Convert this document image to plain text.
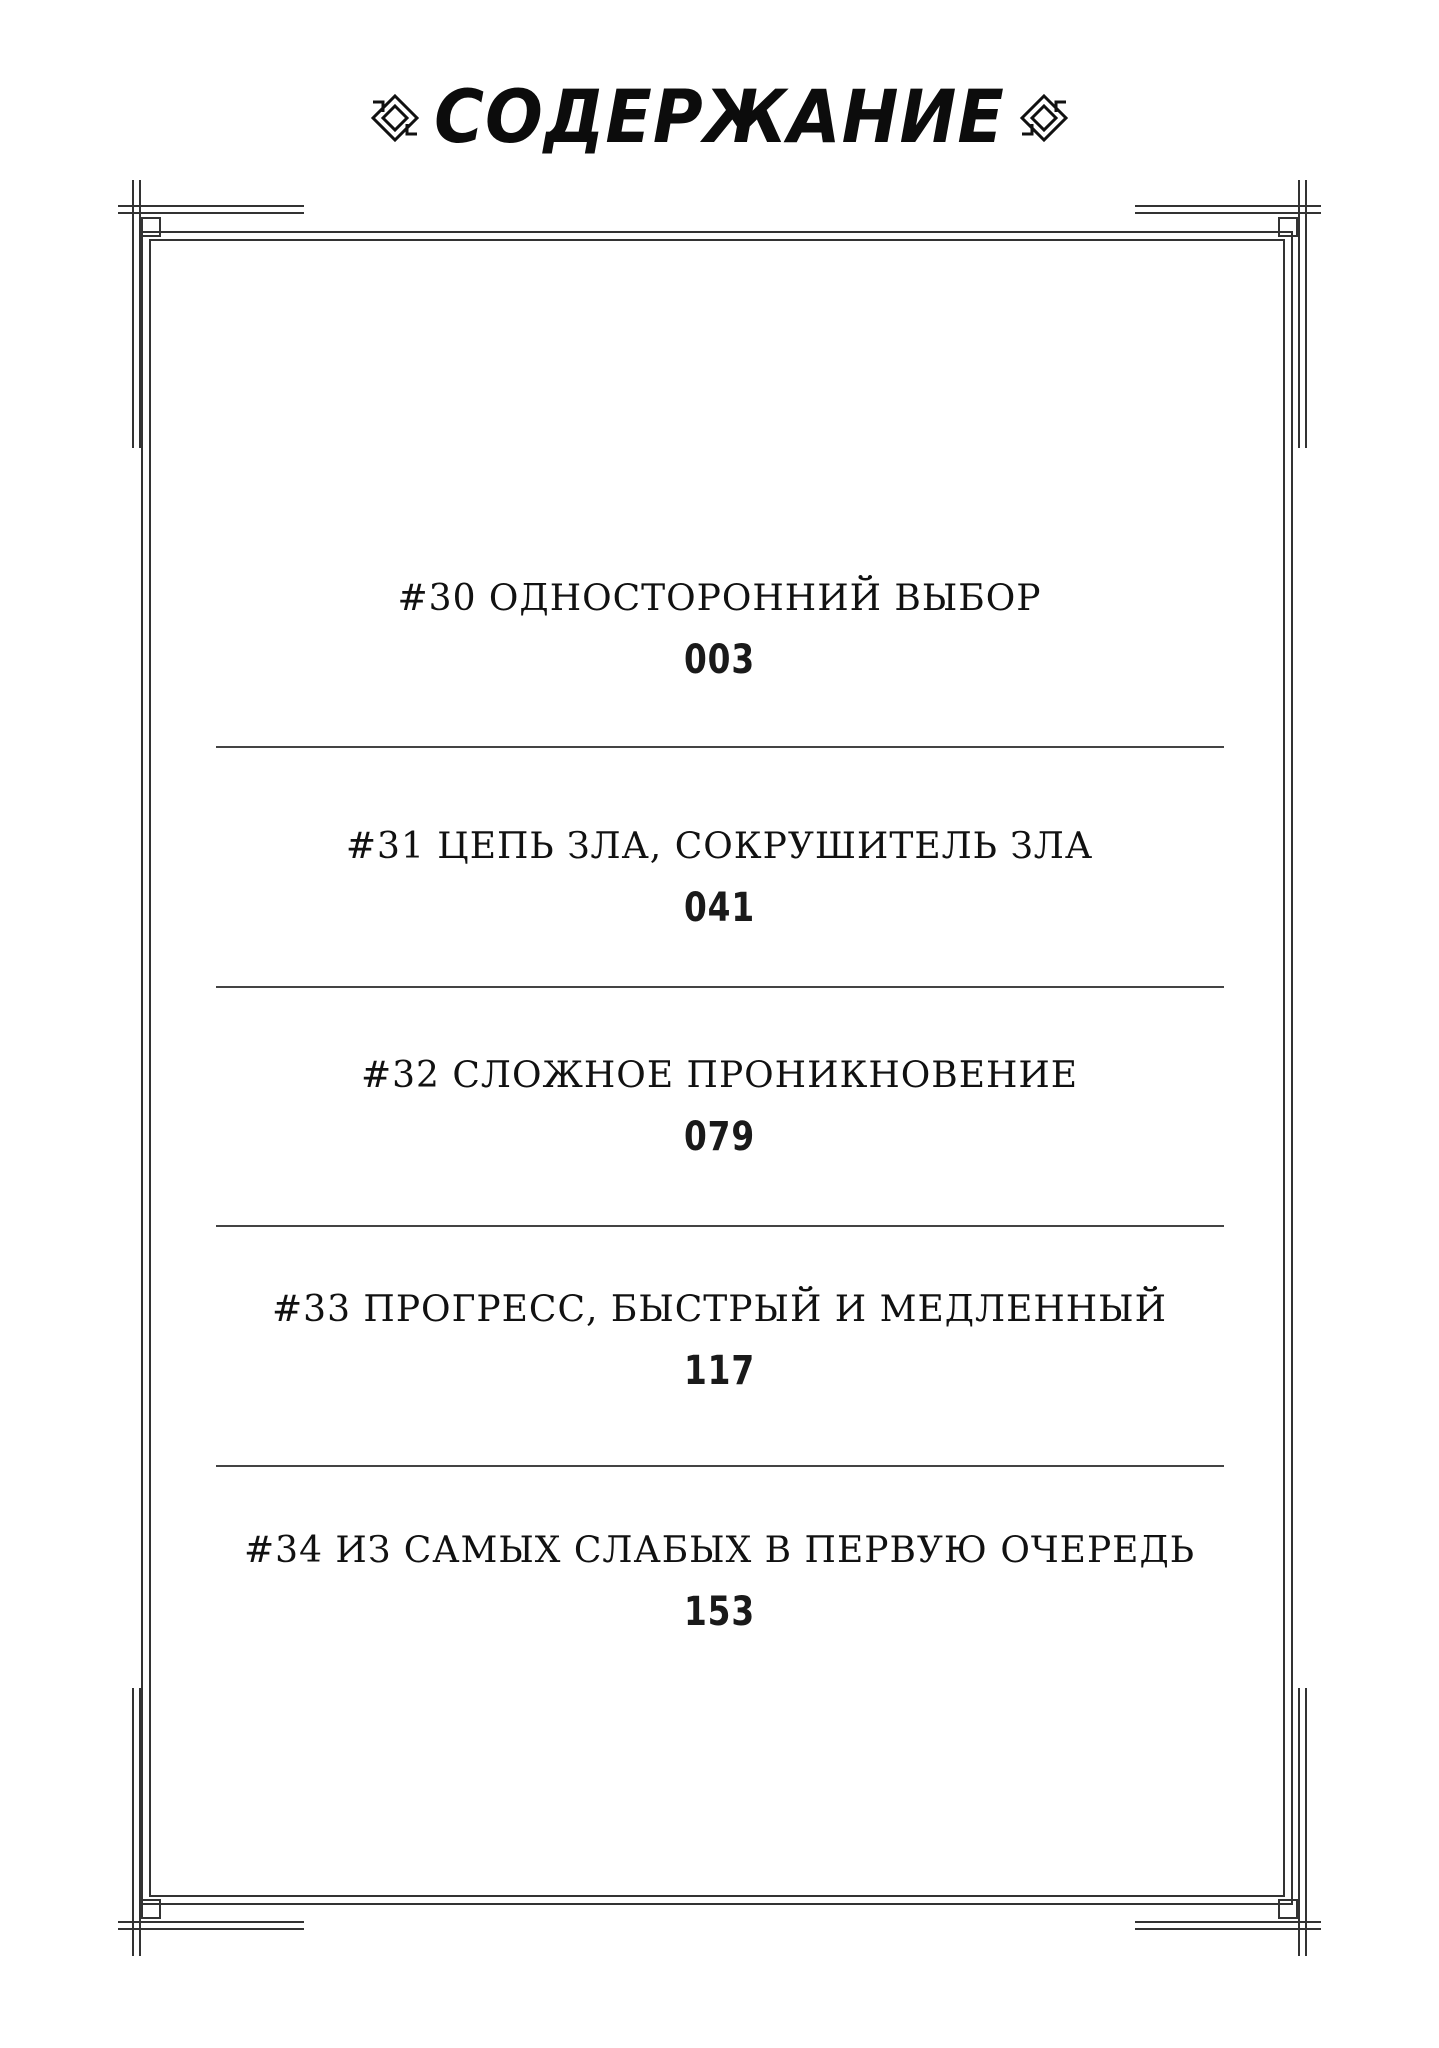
СОДЕРЖАНИЕ
#30 ОДНОСТОРОННИЙ ВЫБОР
003
#31 ЦЕПЬ ЗЛА, СОКРУШИТЕЛЬ ЗЛА
041
#32 СЛОЖНОЕ ПРОНИКНОВЕНИЕ
079
#33 ПРОГРЕСС, БЫСТРЫЙ И МЕДЛЕННЫЙ
117
#34 ИЗ САМЫХ СЛАБЫХ В ПЕРВУЮ ОЧЕРЕДЬ
153
